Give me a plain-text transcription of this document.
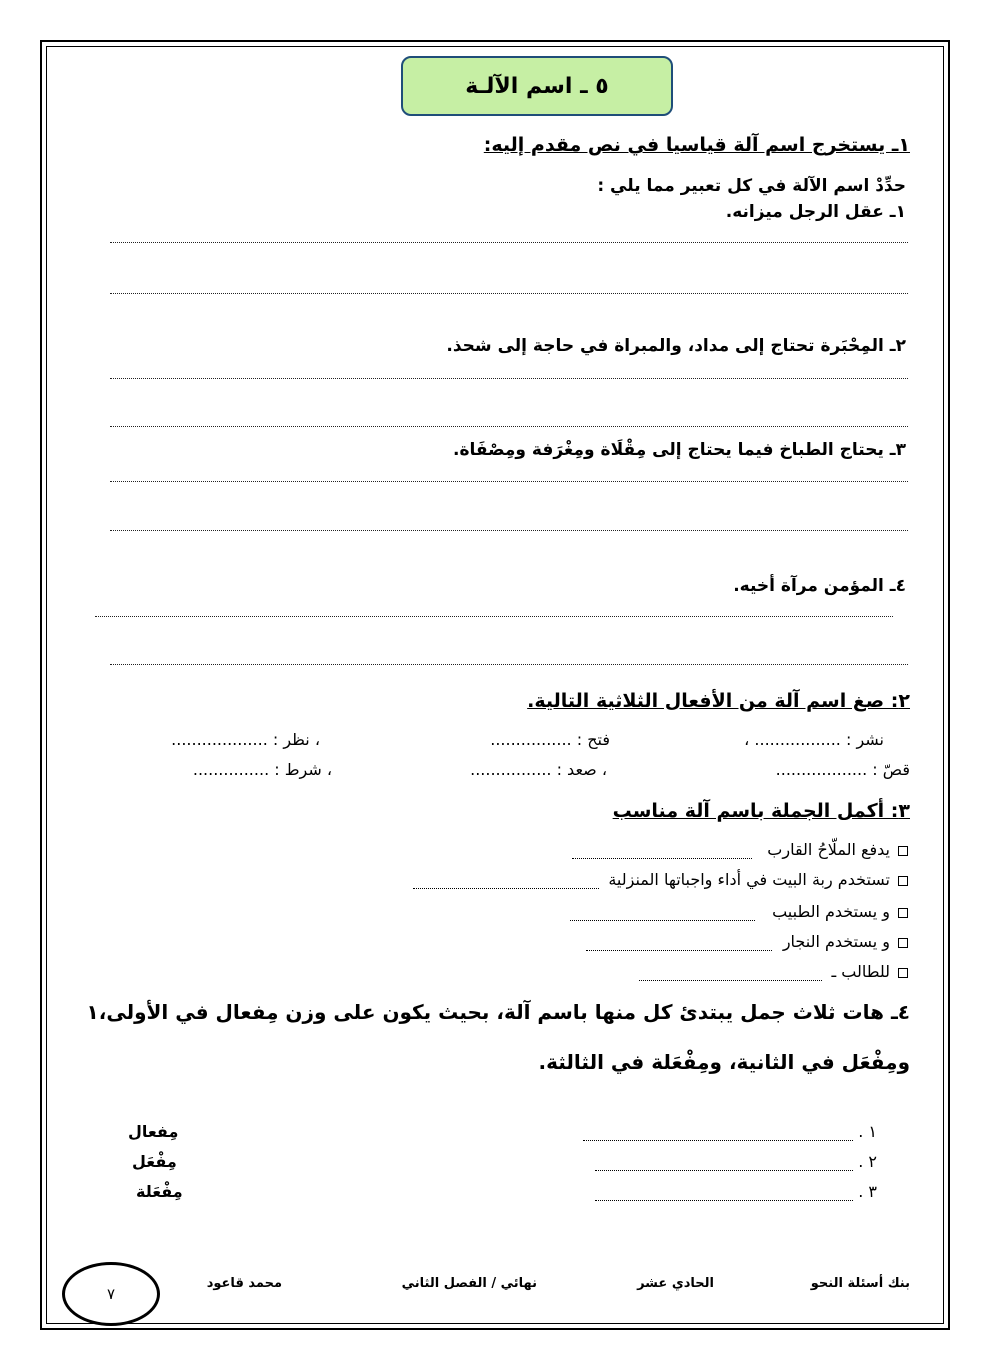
٥ ـ اسم الآلـة
١ـ يستخرج اسم آلة قياسيا في نص مقدم إليه:
حدِّدْ اسم الآلة في كل تعبير مما يلي :
١ـ عقل الرجل ميزانه.
٢ـ المِحْبَرة تحتاج إلى مداد، والمبراة في حاجة إلى شحذ.
٣ـ يحتاج الطباخ فيما يحتاج إلى مِقْلَاة ومِغْرَفة ومِصْفَاة.
٤ـ المؤمن مرآة أخيه.
٢: صغ اسم آلة من الأفعال الثلاثية التالية.
نشر : ................. ،
فتح : ................
، نظر : ...................
قصّ : ..................
، صعد : ................
، شرط : ...............
٣: أكمل الجملة باسم آلة مناسب
يدفع الملّاحُ القارب
تستخدم ربة البيت في أداء واجباتها المنزلية
و يستخدم الطبيب
و يستخدم النجار
للطالب ـ
٤ـ هات ثلاث جمل يبتدئ كل منها باسم آلة، بحيث يكون على وزن مِفعال في الأولى،١
ومِفْعَل في الثانية، ومِفْعَلة في الثالثة.
١ .
مِفعال
٢ .
مِفْعَل
٣ .
مِفْعَلة
بنك أسئلة النحو
الحادي عشر
نهائي / الفصل الثاني
محمد قاعود
٧
